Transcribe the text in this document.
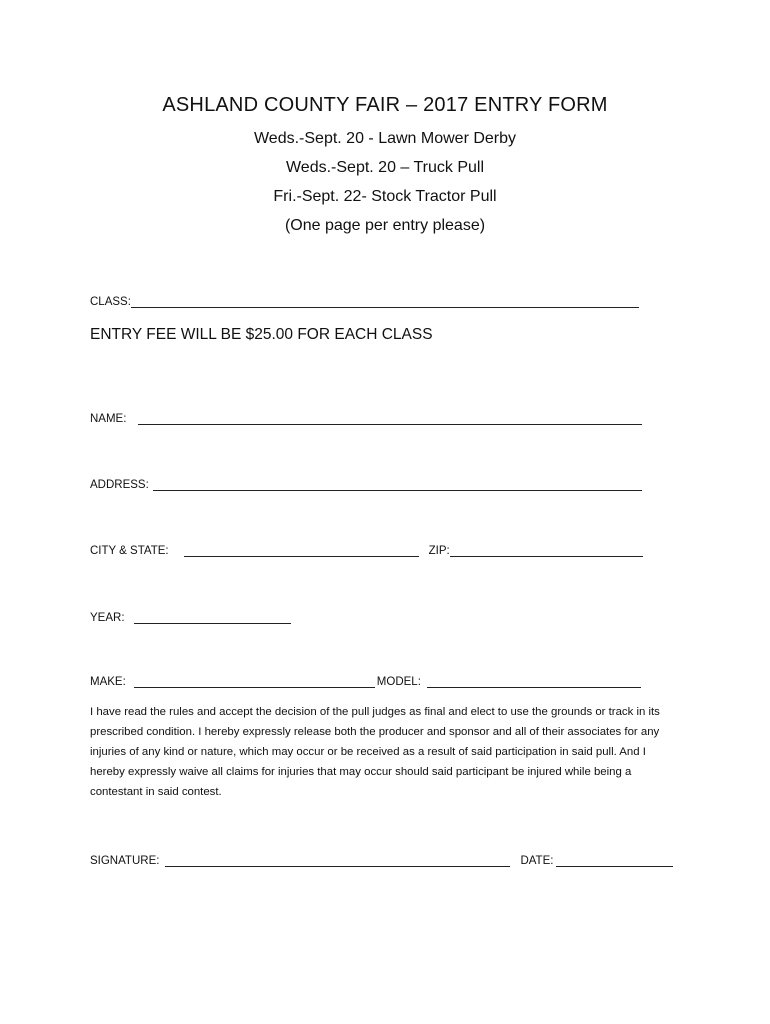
ASHLAND COUNTY FAIR – 2017 ENTRY FORM
Weds.-Sept. 20 - Lawn Mower Derby
Weds.-Sept. 20 – Truck Pull
Fri.-Sept. 22- Stock Tractor Pull
(One page per entry please)
CLASS:
ENTRY FEE WILL BE $25.00 FOR EACH CLASS
NAME:
ADDRESS:
CITY & STATE:	ZIP:
YEAR:
MAKE:	MODEL:
I have read the rules and accept the decision of the pull judges as final and elect to use the grounds or track in its prescribed condition. I hereby expressly release both the producer and sponsor and all of their associates for any injuries of any kind or nature, which may occur or be received as a result of said participation in said pull. And I hereby expressly waive all claims for injuries that may occur should said participant be injured while being a contestant in said contest.
SIGNATURE:	DATE:
